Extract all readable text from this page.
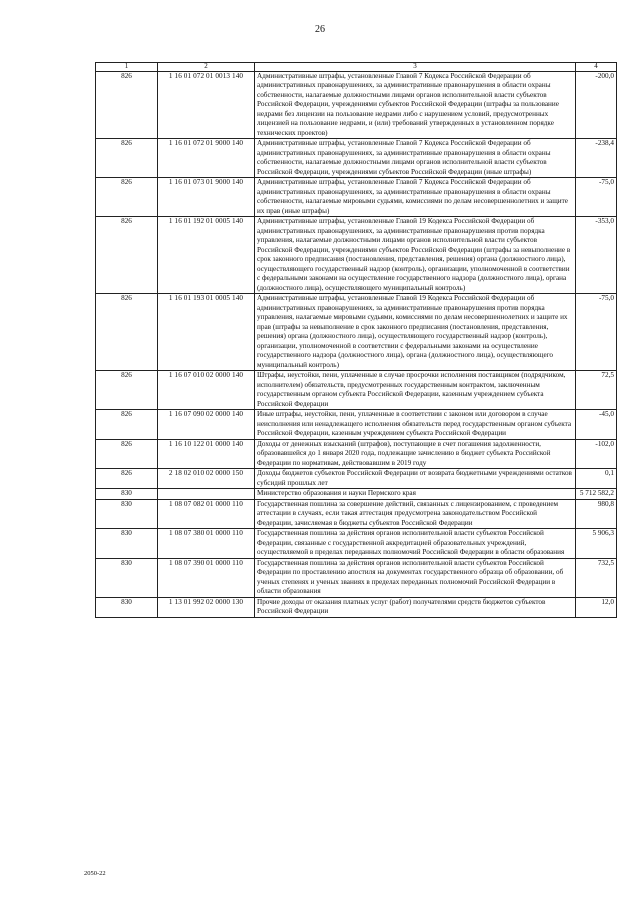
26
1	2	3	4
826	1 16 01 072 01 0013 140	Административные штрафы, установленные Главой 7 Кодекса Российской Федерации об административных правонарушениях, за административные правонарушения в области охраны собственности, налагаемые должностными лицами органов исполнительной власти субъектов Российской Федерации, учреждениями субъектов Российской Федерации (штрафы за пользование недрами без лицензии на пользование недрами либо с нарушением условий, предусмотренных лицензией на пользование недрами, и (или) требований утвержденных в установленном порядке технических проектов)	-200,0
826	1 16 01 072 01 9000 140	Административные штрафы, установленные Главой 7 Кодекса Российской Федерации об административных правонарушениях, за административные правонарушения в области охраны собственности, налагаемые должностными лицами органов исполнительной власти субъектов Российской Федерации, учреждениями субъектов Российской Федерации (иные штрафы)	-238,4
826	1 16 01 073 01 9000 140	Административные штрафы, установленные Главой 7 Кодекса Российской Федерации об административных правонарушениях, за административные правонарушения в области охраны собственности, налагаемые мировыми судьями, комиссиями по делам несовершеннолетних и защите их прав (иные штрафы)	-75,0
826	1 16 01 192 01 0005 140	Административные штрафы, установленные Главой 19 Кодекса Российской Федерации об административных правонарушениях, за административные правонарушения против порядка управления, налагаемые должностными лицами органов исполнительной власти субъектов Российской Федерации, учреждениями субъектов Российской Федерации (штрафы за невыполнение в срок законного предписания (постановления, представления, решения) органа (должностного лица), осуществляющего государственный надзор (контроль), организации, уполномоченной в соответствии с федеральными законами на осуществление государственного надзора (должностного лица), органа (должностного лица), осуществляющего муниципальный контроль)	-353,0
826	1 16 01 193 01 0005 140	Административные штрафы, установленные Главой 19 Кодекса Российской Федерации об административных правонарушениях, за административные правонарушения против порядка управления, налагаемые мировыми судьями, комиссиями по делам несовершеннолетних и защите их прав (штрафы за невыполнение в срок законного предписания (постановления, представления, решения) органа (должностного лица), осуществляющего государственный надзор (контроль), организации, уполномоченной в соответствии с федеральными законами на осуществление государственного надзора (должностного лица), органа (должностного лица), осуществляющего муниципальный контроль)	-75,0
826	1 16 07 010 02 0000 140	Штрафы, неустойки, пени, уплаченные в случае просрочки исполнения поставщиком (подрядчиком, исполнителем) обязательств, предусмотренных государственным контрактом, заключенным государственным органом субъекта Российской Федерации, казенным учреждением субъекта Российской Федерации	72,5
826	1 16 07 090 02 0000 140	Иные штрафы, неустойки, пени, уплаченные в соответствии с законом или договором в случае неисполнения или ненадлежащего исполнения обязательств перед государственным органом субъекта Российской Федерации, казенным учреждением субъекта Российской Федерации	-45,0
826	1 16 10 122 01 0000 140	Доходы от денежных взысканий (штрафов), поступающие в счет погашения задолженности, образовавшейся до 1 января 2020 года, подлежащие зачислению в бюджет субъекта Российской Федерации по нормативам, действовавшим в 2019 году	-102,0
826	2 18 02 010 02 0000 150	Доходы бюджетов субъектов Российской Федерации от возврата бюджетными учреждениями остатков субсидий прошлых лет	0,1
830		Министерство образования и науки Пермского края	5 712 582,2
830	1 08 07 082 01 0000 110	Государственная пошлина за совершение действий, связанных с лицензированием, с проведением аттестации в случаях, если такая аттестация предусмотрена законодательством Российской Федерации, зачисляемая в бюджеты субъектов Российской Федерации	980,8
830	1 08 07 380 01 0000 110	Государственная пошлина за действия органов исполнительной власти субъектов Российской Федерации, связанные с государственной аккредитацией образовательных учреждений, осуществляемой в пределах переданных полномочий Российской Федерации в области образования	5 906,3
830	1 08 07 390 01 0000 110	Государственная пошлина за действия органов исполнительной власти субъектов Российской Федерации по проставлению апостиля на документах государственного образца об образовании, об ученых степенях и ученых званиях в пределах переданных полномочий Российской Федерации в области образования	732,5
830	1 13 01 992 02 0000 130	Прочие доходы от оказания платных услуг (работ) получателями средств бюджетов субъектов Российской Федерации	12,0
2050-22
